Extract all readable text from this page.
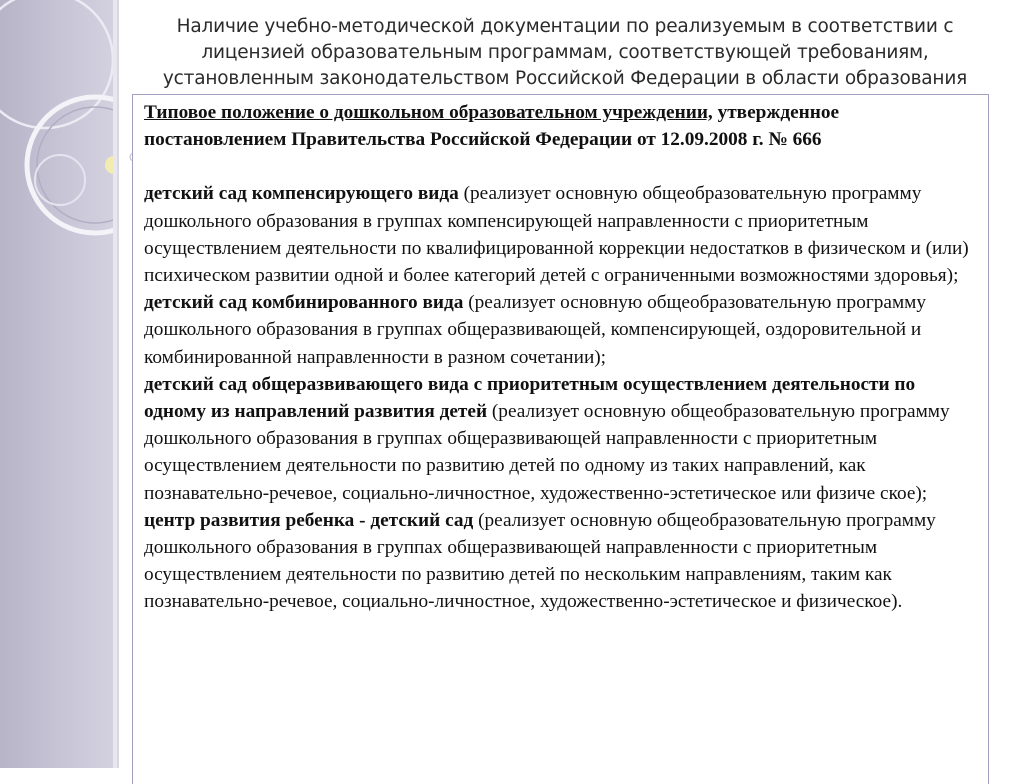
Наличие учебно-методической документации по реализуемым в соответствии с лицензией образовательным программам, соответствующей требованиям, установленным законодательством Российской Федерации в области образования

Типовое положение о дошкольном образовательном учреждении, утвержденное постановлением Правительства Российской Федерации от 12.09.2008 г. № 666

детский сад компенсирующего вида (реализует основную общеобразовательную программу дошкольного образования в группах компенсирующей направленности с приоритетным осуществлением деятельности по квалифицированной коррекции недостатков в физическом и (или) психическом развитии одной и более категорий детей с ограниченными возможностями здоровья);

детский сад комбинированного вида (реализует основную общеобразовательную программу дошкольного образования в группах общеразвивающей, компенсирующей, оздоровительной и комбинированной направленности в разном сочетании);

детский сад общеразвивающего вида с приоритетным осуществлением деятельности по одному из направлений развития детей (реализует основную общеобразовательную программу дошкольного образования в группах общеразвивающей направленности с приоритетным осуществлением деятельности по развитию детей по одному из таких направлений, как познавательно-речевое, социально-личностное, художественно-эстетическое или физиче ское);

центр развития ребенка - детский сад (реализует основную общеобразовательную программу дошкольного образования в группах общеразвивающей направленности с приоритетным осуществлением деятельности по развитию детей по нескольким направлениям, таким как познавательно-речевое, социально-личностное, художественно-эстетическое и физическое).
